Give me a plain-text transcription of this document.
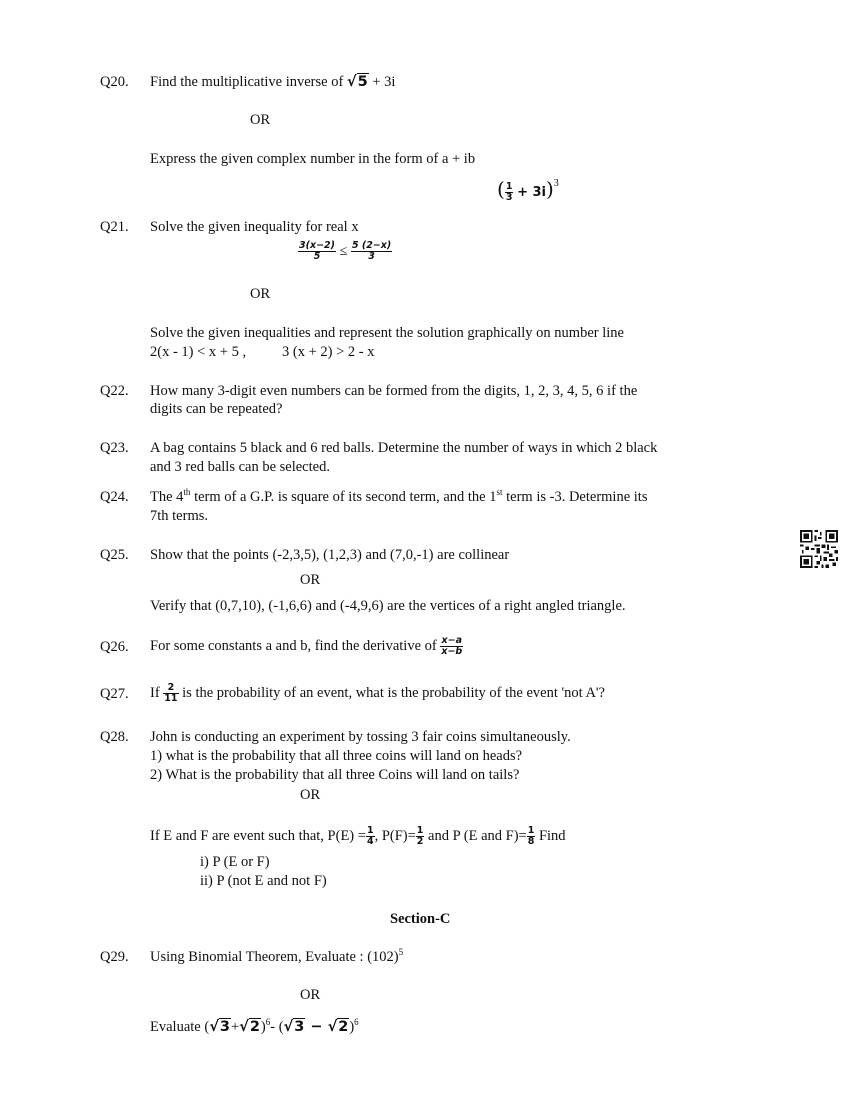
Q20. Find the multiplicative inverse of √5 + 3i
OR
Express the given complex number in the form of a + ib
( $\frac{1}{3} + 3i)^3$
Q21. Solve the given inequality for real x
$\frac{3(x-2)}{5} \le \frac{5 (2-x)}{3}$
OR
Solve the given inequalities and represent the solution graphically on number line
2(x - 1) < x + 5 , 3 (x + 2) > 2 - x
Q22. How many 3-digit even numbers can be formed from the digits, 1, 2, 3, 4, 5, 6 if the
digits can be repeated?
Q23. A bag contains 5 black and 6 red balls. Determine the number of ways in which 2 black
and 3 red balls can be selected.
Q24. The 4th term of a G.P. is square of its second term, and the 1st term is -3. Determine its
7th terms.
Q25. Show that the points (-2,3,5), (1,2,3) and (7,0,-1) are collinear
OR
Verify that (0,7,10), (-1,6,6) and (-4,9,6) are the vertices of a right angled triangle.
Q26. For some constants a and b, find the derivative of $\frac{x-a}{x-b}$
Q27. If $\frac{2}{11}$ is the probability of an event, what is the probability of the event 'not A'?
Q28. John is conducting an experiment by tossing 3 fair coins simultaneously.
1) what is the probability that all three coins will land on heads?
2) What is the probability that all three Coins will land on tails?
OR
If E and F are event such that, $P(E) = \frac{1}{4}$ , $P(F)= \frac{1}{2}$ and P (E and $F)= \frac{1}{8}$ Find
i) P (E or F)
ii) P (not E and not F)
Section-C
Q29. Using Binomial Theorem, Evaluate : $(102)^5$
OR
Evaluate $(√3+√2)^6-$ $(√3 - √2)^6$
